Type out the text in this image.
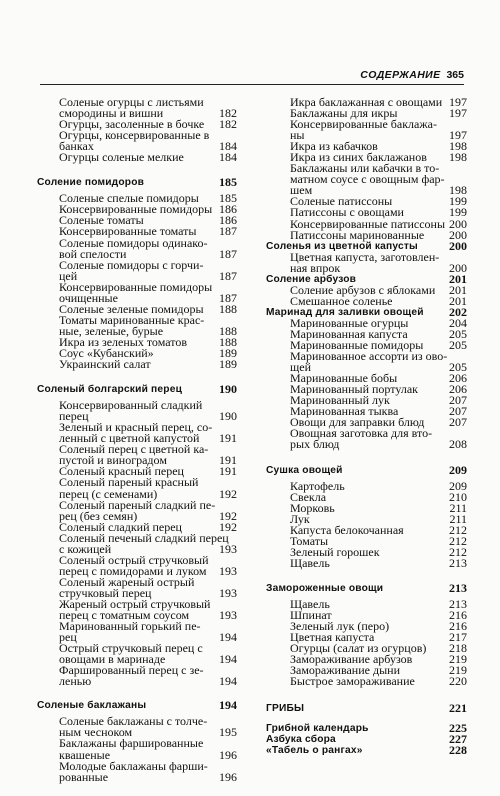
СОДЕРЖАНИЕ 365
Соленые огурцы с листьями
смородины и вишни	182
Огурцы, засоленные в бочке 182
Огурцы, консервированные в
банках	184
Огурцы соленые мелкие	184
Соление помидоров	185
Соленые спелые помидоры 185
Консервированные помидоры 186
Соленые томаты	186
Консервированные томаты 187
Соленые помидоры одинако-
вой спелости	187
Соленые помидоры с горчи-
цей	187
Консервированные помидоры
очищенные	187
Соленые зеленые помидоры 188
Томаты маринованные крас-
ные, зеленые, бурые	188
Икра из зеленых томатов	188
Соус «Кубанский»	189
Украинский салат	189
Соленый болгарский перец	190
Консервированный сладкий
перец	190
Зеленый и красный перец, со-
ленный с цветной капустой 191
Соленый перец с цветной ка-
пустой и виноградом	191
Соленый красный перец	191
Соленый пареный красный
перец (с семенами)	192
Соленый пареный сладкий пе-
рец (без семян)	192
Соленый сладкий перец	192
Соленый печеный сладкий перец
с кожицей	193
Соленый острый стручковый
перец с помидорами и луком 193
Соленый жареный острый
стручковый перец	193
Жареный острый стручковый
перец с томатным соусом 193
Маринованный горький пе-
рец	194
Острый стручковый перец с
овощами в маринаде	194
Фаршированный перец с зе-
ленью	194
Соленые баклажаны	194
Соленые баклажаны с толче-
ным чесноком	195
Баклажаны фаршированные
квашеные	196
Молодые баклажаны фарши-
рованные	196
Икра баклажанная с овощами 197
Баклажаны для икры	197
Консервированные баклажа-
ны	197
Икра из кабачков	198
Икра из синих баклажанов 198
Баклажаны или кабачки в то-
матном соусе с овощным фар-
шем	198
Соленые патиссоны	199
Патиссоны с овощами	199
Консервированные патиссоны 200
Патиссоны маринованные 200
Соленья из цветной капусты	200
Цветная капуста, заготовлен-
ная впрок	200
Соление арбузов	201
Соление арбузов с яблоками 201
Смешанное соленье	201
Маринад для заливки овощей 202
Маринованные огурцы	204
Маринованная капуста	205
Маринованные помидоры 205
Маринованное ассорти из ово-
щей	205
Маринованные бобы	206
Маринованный портулак	206
Маринованный лук	207
Маринованная тыква	207
Овощи для заправки блюд 207
Овощная заготовка для вто-
рых блюд	208
Сушка овощей	209
Картофель	209
Свекла	210
Морковь	211
Лук	211
Капуста белокочанная	212
Томаты	212
Зеленый горошек	212
Щавель	213
Замороженные овощи	213
Щавель	213
Шпинат	216
Зеленый лук (перо)	216
Цветная капуста	217
Огурцы (салат из огурцов) 218
Замораживание арбузов	219
Замораживание дыни	219
Быстрое замораживание	220
ГРИБЫ	221
Грибной календарь	225
Азбука сбора	227
«Табель о рангах»	228
